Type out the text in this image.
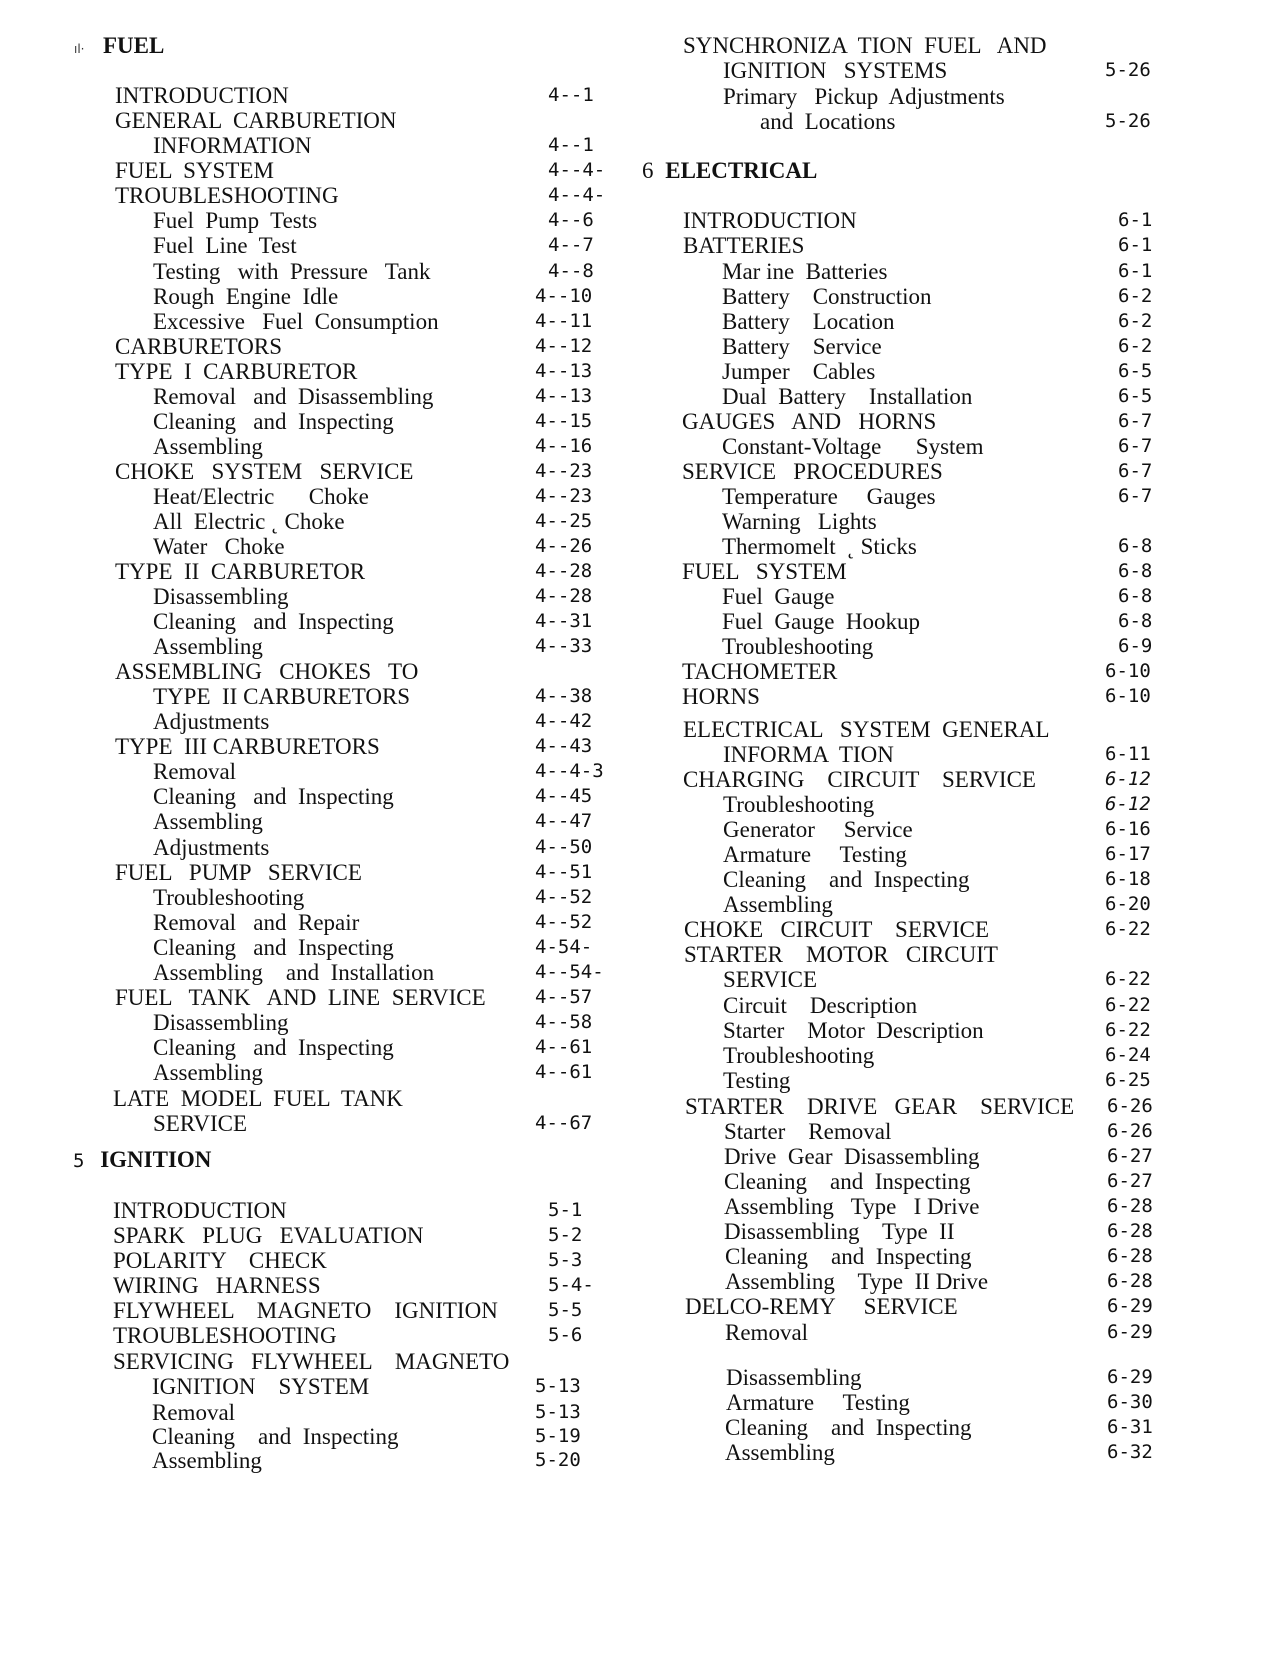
ıl· FUEL
5 IGNITION
6 ELECTRICAL
INTRODUCTION	4--1
GENERAL  CARBURETION
INFORMATION	4--1
FUEL  SYSTEM	4--4-
TROUBLESHOOTING	4--4-
Fuel  Pump  Tests	4--6
Fuel  Line  Test	4--7
Testing   with  Pressure   Tank	4--8
Rough  Engine  Idle	4--10
Excessive   Fuel  Consumption	4--11
CARBURETORS	4--12
TYPE  I  CARBURETOR	4--13
Removal   and  Disassembling	4--13
Cleaning   and  Inspecting	4--15
Assembling	4--16
CHOKE   SYSTEM   SERVICE	4--23
Heat/Electric      Choke	4--23
All  Electric ˛ Choke	4--25
Water   Choke	4--26
TYPE  II  CARBURETOR	4--28
Disassembling	4--28
Cleaning   and  Inspecting	4--31
Assembling	4--33
ASSEMBLING   CHOKES   TO
TYPE  II CARBURETORS	4--38
Adjustments	4--42
TYPE  III CARBURETORS	4--43
Removal	4--4-3
Cleaning   and  Inspecting	4--45
Assembling	4--47
Adjustments	4--50
FUEL   PUMP   SERVICE	4--51
Troubleshooting	4--52
Removal   and  Repair	4--52
Cleaning   and  Inspecting	4-54-
Assembling    and  Installation	4--54-
FUEL   TANK   AND  LINE  SERVICE	4--57
Disassembling	4--58
Cleaning   and  Inspecting	4--61
Assembling	4--61
LATE  MODEL  FUEL  TANK
SERVICE	4--67
INTRODUCTION	5-1
SPARK   PLUG   EVALUATION	5-2
POLARITY    CHECK	5-3
WIRING   HARNESS	5-4-
FLYWHEEL    MAGNETO    IGNITION	5-5
TROUBLESHOOTING	5-6
SERVICING   FLYWHEEL    MAGNETO
IGNITION    SYSTEM	5-13
Removal	5-13
Cleaning    and  Inspecting	5-19
Assembling	5-20
SYNCHRONIZA  TION  FUEL   AND
IGNITION   SYSTEMS	5-26
Primary   Pickup  Adjustments
and  Locations	5-26
INTRODUCTION	6-1
BATTERIES	6-1
Mar ine  Batteries	6-1
Battery    Construction	6-2
Battery    Location	6-2
Battery    Service	6-2
Jumper    Cables	6-5
Dual  Battery    Installation	6-5
GAUGES   AND   HORNS	6-7
Constant-Voltage      System	6-7
SERVICE   PROCEDURES	6-7
Temperature     Gauges	6-7
Warning   Lights
Thermomelt  ˛ Sticks	6-8
FUEL   SYSTEM	6-8
Fuel  Gauge	6-8
Fuel  Gauge  Hookup	6-8
Troubleshooting	6-9
TACHOMETER	6-10
HORNS	6-10
ELECTRICAL   SYSTEM  GENERAL
INFORMA  TION	6-11
CHARGING    CIRCUIT    SERVICE	6-12
Troubleshooting	6-12
Generator     Service	6-16
Armature     Testing	6-17
Cleaning    and  Inspecting	6-18
Assembling	6-20
CHOKE   CIRCUIT    SERVICE	6-22
STARTER    MOTOR   CIRCUIT
SERVICE	6-22
Circuit    Description	6-22
Starter    Motor  Description	6-22
Troubleshooting	6-24
Testing	6-25
STARTER    DRIVE   GEAR    SERVICE 6-26
Starter    Removal	6-26
Drive  Gear  Disassembling	6-27
Cleaning    and  Inspecting	6-27
Assembling   Type   I Drive	6-28
Disassembling    Type  II	6-28
Cleaning    and  Inspecting	6-28
Assembling    Type  II Drive	6-28
DELCO-REMY     SERVICE	6-29
Removal	6-29
Disassembling	6-29
Armature     Testing	6-30
Cleaning    and  Inspecting	6-31
Assembling	6-32
